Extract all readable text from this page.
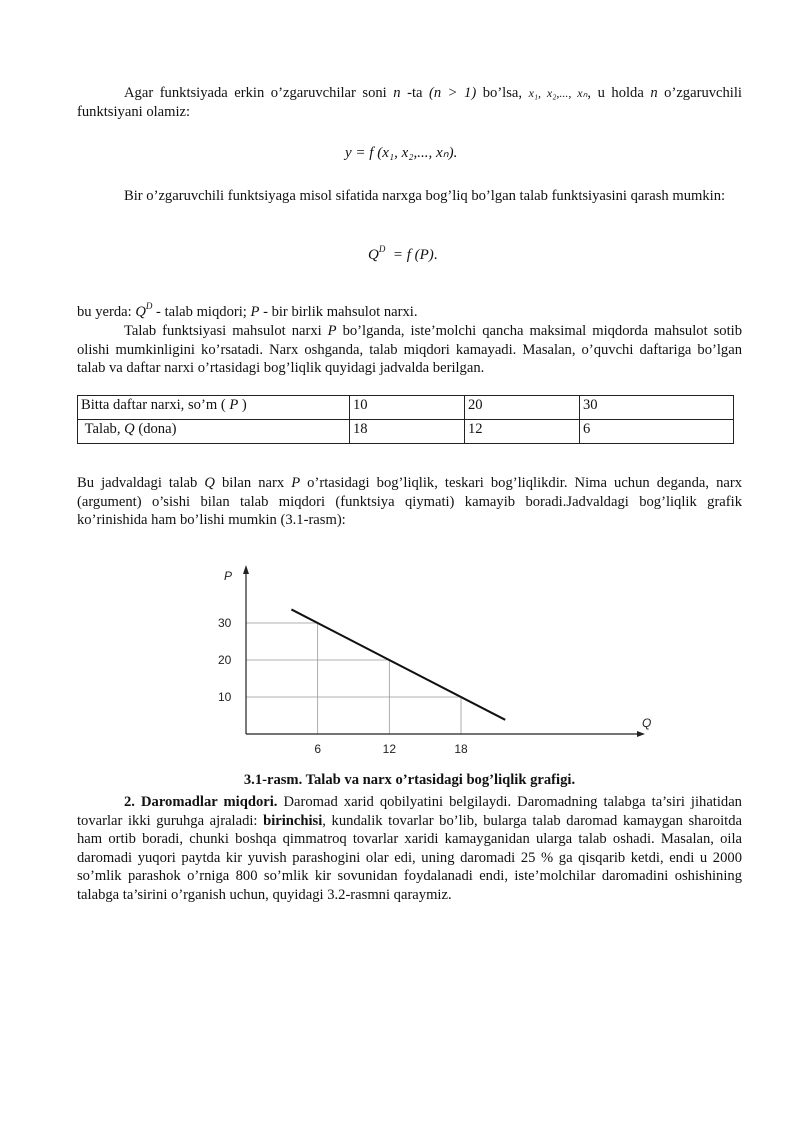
Agar funktsiyada erkin o’zgaruvchilar soni n -ta (n > 1) bo’lsa, x₁, x₂,..., xₙ, u holda n o’zgaruvchili funktsiyani olamiz:

y = f (x₁, x₂,..., xₙ).

Bir o’zgaruvchili funktsiyaga misol sifatida narxga bog’liq bo’lgan talab funktsiyasini qarash mumkin:

$Q^D = f$ (P).

bu yerda: $Q^D$ - talab miqdori; P - bir birlik mahsulot narxi.

Talab funktsiyasi mahsulot narxi P bo’lganda, iste’molchi qancha maksimal miqdorda mahsulot sotib olishi mumkinligini ko’rsatadi. Narx oshganda, talab miqdori kamayadi. Masalan, o’quvchi daftariga bo’lgan talab va daftar narxi o’rtasidagi bog’liqlik quyidagi jadvalda berilgan.

Bitta daftar narxi, so’m ( P )	10	20	30
Talab, Q (dona)	18	12	6

Bu jadvaldagi talab Q bilan narx P o’rtasidagi bog’liqlik, teskari bog’liqlikdir. Nima uchun deganda, narx (argument) o’sishi bilan talab miqdori (funktsiya qiymati) kamayib boradi.Jadvaldagi bog’liqlik grafik ko’rinishida ham bo’lishi mumkin (3.1-rasm):

P
Q
6	12	18
10
20
30
3.1-rasm. Talab va narx o’rtasidagi bog’liqlik grafigi.

2. Daromadlar miqdori. Daromad xarid qobilyatini belgilaydi. Daromadning talabga ta’siri jihatidan tovarlar ikki guruhga ajraladi: birinchisi, kundalik tovarlar bo’lib, bularga talab daromad kamaygan sharoitda ham ortib boradi, chunki boshqa qimmatroq tovarlar xaridi kamayganidan ularga talab oshadi. Masalan, oila daromadi yuqori paytda kir yuvish parashogini olar edi, uning daromadi 25 % ga qisqarib ketdi, endi u 2000 so’mlik parashok o’rniga 800 so’mlik kir sovunidan foydalanadi endi, iste’molchilar daromadini oshishining talabga ta’sirini o’rganish uchun, quyidagi 3.2-rasmni qaraymiz.
